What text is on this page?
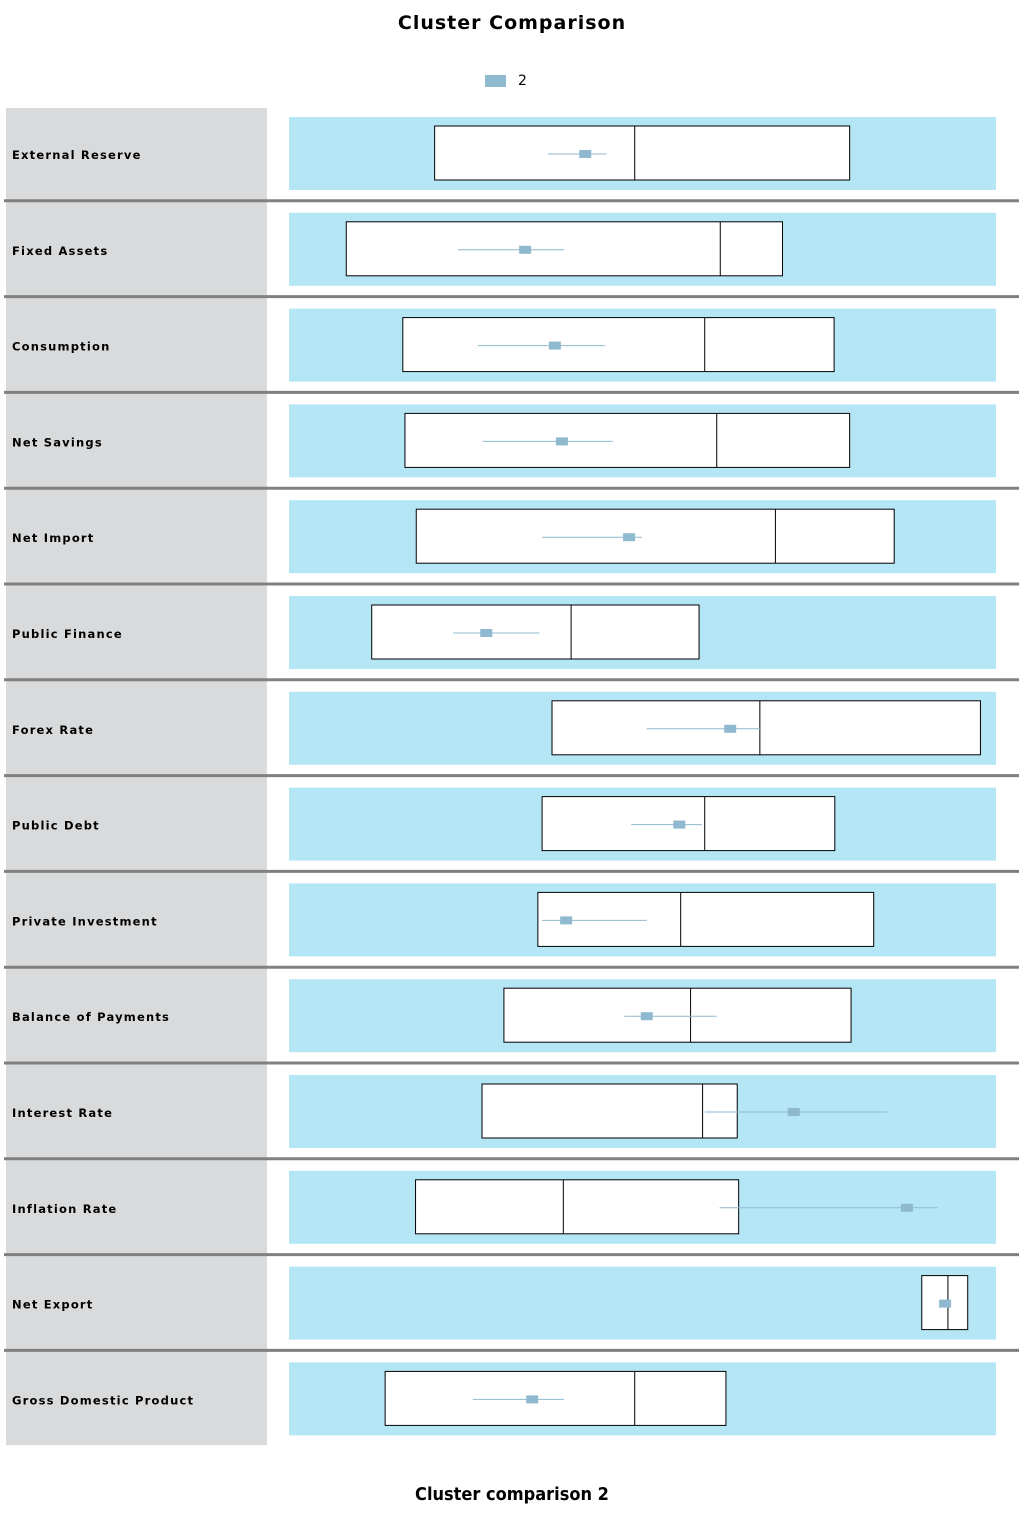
Cluster Comparison
2
External Reserve
Fixed Assets
Consumption
Net Savings
Net Import
Public Finance
Forex Rate
Public Debt
Private Investment
Balance of Payments
Interest Rate
Inflation Rate
Net Export
Gross Domestic Product
Cluster comparison 2
